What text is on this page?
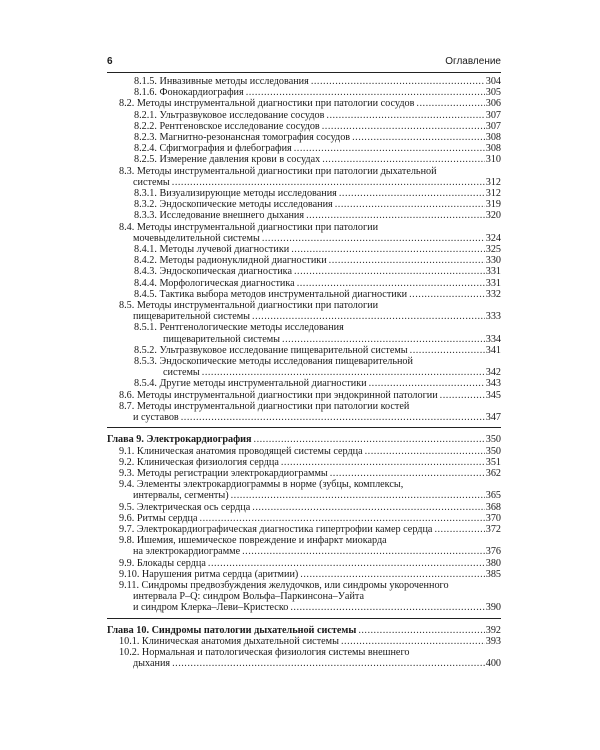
6	Оглавление
8.1.5. Инвазивные методы исследования .....	304
8.1.6. Фонокардиография .....	305
8.2. Методы инструментальной диагностики при патологии сосудов .....	306
8.2.1. Ультразвуковое исследование сосудов .....	307
8.2.2. Рентгеновское исследование сосудов .....	307
8.2.3. Магнитно-резонансная томография сосудов .....	308
8.2.4. Сфигмография и флебография .....	308
8.2.5. Измерение давления крови в сосудах .....	310
8.3. Методы инструментальной диагностики при патологии дыхательной
системы .....	312
8.3.1. Визуализирующие методы исследования .....	312
8.3.2. Эндоскопические методы исследования .....	319
8.3.3. Исследование внешнего дыхания .....	320
8.4. Методы инструментальной диагностики при патологии
мочевыделительной системы .....	324
8.4.1. Методы лучевой диагностики .....	325
8.4.2. Методы радионуклидной диагностики .....	330
8.4.3. Эндоскопическая диагностика .....	331
8.4.4. Морфологическая диагностика .....	331
8.4.5. Тактика выбора методов инструментальной диагностики .....	332
8.5. Методы инструментальной диагностики при патологии
пищеварительной системы .....	333
8.5.1. Рентгенологические методы исследования
пищеварительной системы .....	334
8.5.2. Ультразвуковое исследование пищеварительной системы .....	341
8.5.3. Эндоскопические методы исследования пищеварительной
системы .....	342
8.5.4. Другие методы инструментальной диагностики .....	343
8.6. Методы инструментальной диагностики при эндокринной патологии .....	345
8.7. Методы инструментальной диагностики при патологии костей
и суставов .....	347
Глава 9. Электрокардиография .....	350
9.1. Клиническая анатомия проводящей системы сердца .....	350
9.2. Клиническая физиология сердца .....	351
9.3. Методы регистрации электрокардиограммы .....	362
9.4. Элементы электрокардиограммы в норме (зубцы, комплексы,
интервалы, сегменты) .....	365
9.5. Электрическая ось сердца .....	368
9.6. Ритмы сердца .....	370
9.7. Электрокардиографическая диагностика гипертрофии камер сердца .....	372
9.8. Ишемия, ишемическое повреждение и инфаркт миокарда
на электрокардиограмме .....	376
9.9. Блокады сердца .....	380
9.10. Нарушения ритма сердца (аритмии) .....	385
9.11. Синдромы предвозбуждения желудочков, или синдромы укороченного
интервала P–Q: синдром Вольфа–Паркинсона–Уайта
и синдром Клерка–Леви–Кристеско .....	390
Глава 10. Синдромы патологии дыхательной системы .....	392
10.1. Клиническая анатомия дыхательной системы .....	393
10.2. Нормальная и патологическая физиология системы внешнего
дыхания .....	400
